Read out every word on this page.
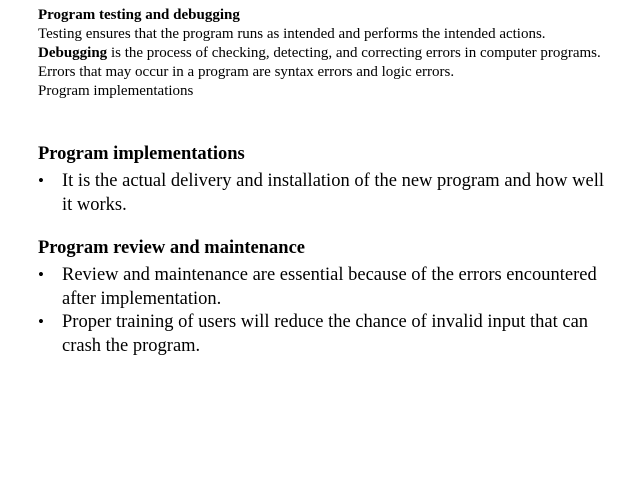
Program testing and debugging
Testing ensures that the program runs as intended and performs the intended actions.
Debugging is the process of checking, detecting, and correcting errors in computer programs.
Errors that may occur in a program are syntax errors and logic errors.
Program implementations
Program implementations
• It is the actual delivery and installation of the new program and how well it works.
Program review and maintenance
• Review and maintenance are essential because of the errors encountered after implementation.
• Proper training of users will reduce the chance of invalid input that can crash the program.
